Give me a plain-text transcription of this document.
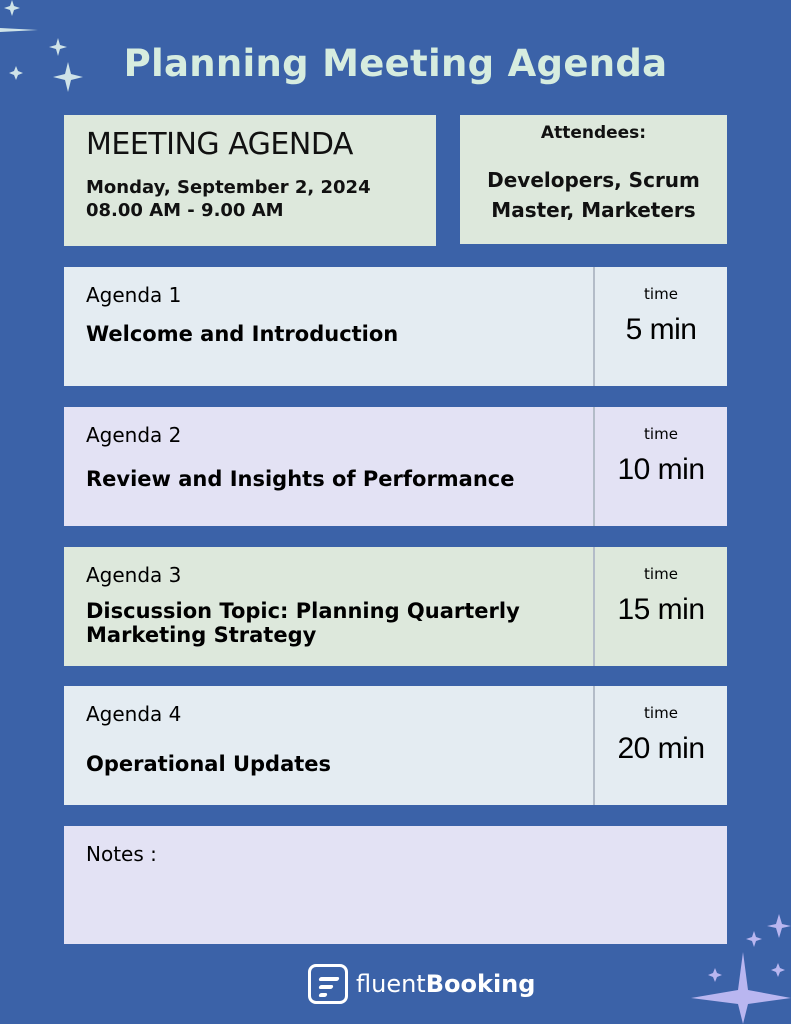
Planning Meeting Agenda
MEETING AGENDA
Monday, September 2, 2024
08.00 AM - 9.00 AM
Attendees:
Developers, Scrum Master, Marketers
Agenda 1
Welcome and Introduction
time
5 min
Agenda 2
Review and Insights of Performance
time
10 min
Agenda 3
Discussion Topic: Planning Quarterly Marketing Strategy
time
15 min
Agenda 4
Operational Updates
time
20 min
Notes :
fluentBooking
